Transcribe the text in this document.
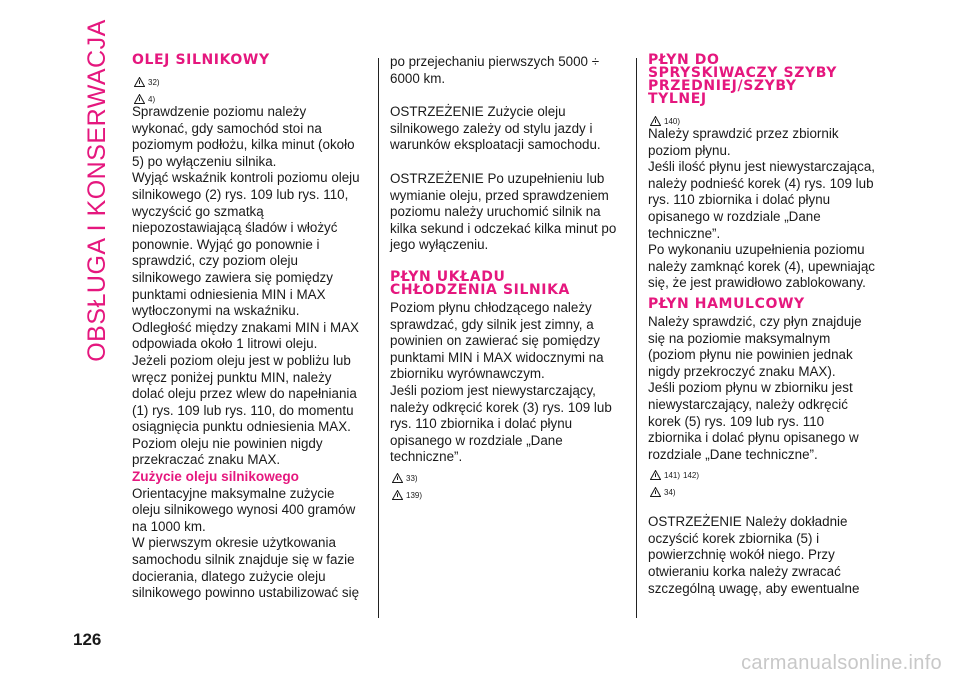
OBSŁUGA I KONSERWACJA OLEJ SILNIKOWY
32)
4)

Sprawdzenie poziomu należy wykonać, gdy samochód stoi na poziomym podłożu, kilka minut (około 5) po wyłączeniu silnika.

Wyjąć wskaźnik kontroli poziomu oleju silnikowego (2) rys. 109 lub rys. 110, wyczyścić go szmatką niepozostawiającą śladów i włożyć ponownie. Wyjąć go ponownie i sprawdzić, czy poziom oleju silnikowego zawiera się pomiędzy punktami odniesienia MIN i MAX wytłoczonymi na wskaźniku.

Odległość między znakami MIN i MAX odpowiada około 1 litrowi oleju.

Jeżeli poziom oleju jest w pobliżu lub wręcz poniżej punktu MIN, należy dolać oleju przez wlew do napełniania (1) rys. 109 lub rys. 110, do momentu osiągnięcia punktu odniesienia MAX. Poziom oleju nie powinien nigdy przekraczać znaku MAX.

Zużycie oleju silnikowego

Orientacyjne maksymalne zużycie oleju silnikowego wynosi 400 gramów na 1000 km.

W pierwszym okresie użytkowania samochodu silnik znajduje się w fazie docierania, dlatego zużycie oleju silnikowego powinno ustabilizować się

po przejechaniu pierwszych 5000 ÷ 6000 km.

OSTRZEŻENIE Zużycie oleju silnikowego zależy od stylu jazdy i warunków eksploatacji samochodu.

OSTRZEŻENIE Po uzupełnieniu lub wymianie oleju, przed sprawdzeniem poziomu należy uruchomić silnik na kilka sekund i odczekać kilka minut po jego wyłączeniu.

PŁYN UKŁADU
CHŁODZENIA SILNIKA

Poziom płynu chłodzącego należy sprawdzać, gdy silnik jest zimny, a powinien on zawierać się pomiędzy punktami MIN i MAX widocznymi na zbiorniku wyrównawczym.

Jeśli poziom jest niewystarczający, należy odkręcić korek (3) rys. 109 lub rys. 110 zbiornika i dolać płynu opisanego w rozdziale „Dane techniczne”.

33)
139)
PŁYN DO
SPRYSKIWACZY SZYBY
PRZEDNIEJ/SZYBY
TYLNEJ
140)

Należy sprawdzić przez zbiornik poziom płynu.

Jeśli ilość płynu jest niewystarczająca, należy podnieść korek (4) rys. 109 lub rys. 110 zbiornika i dolać płynu opisanego w rozdziale „Dane techniczne”.

Po wykonaniu uzupełnienia poziomu należy zamknąć korek (4), upewniając się, że jest prawidłowo zablokowany.

PŁYN HAMULCOWY

Należy sprawdzić, czy płyn znajduje się na poziomie maksymalnym (poziom płynu nie powinien jednak nigdy przekroczyć znaku MAX).

Jeśli poziom płynu w zbiorniku jest niewystarczający, należy odkręcić korek (5) rys. 109 lub rys. 110 zbiornika i dolać płynu opisanego w rozdziale „Dane techniczne”.

141) 142)
34)

OSTRZEŻENIE Należy dokładnie oczyścić korek zbiornika (5) i powierzchnię wokół niego. Przy otwieraniu korka należy zwracać szczególną uwagę, aby ewentualne

126
carmanualsonline.info
